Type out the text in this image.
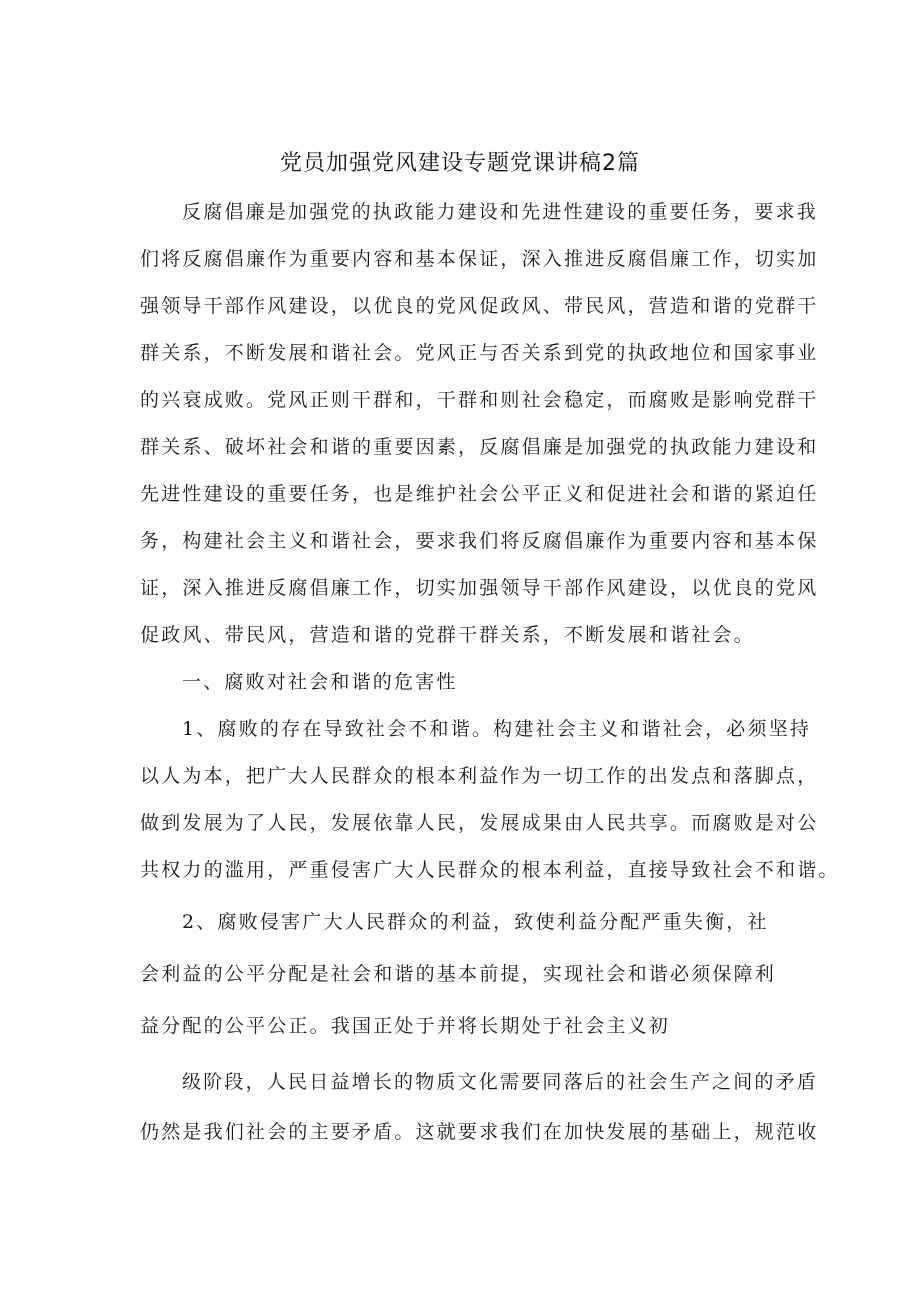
党员加强党风建设专题党课讲稿2篇
反腐倡廉是加强党的执政能力建设和先进性建设的重要任务，要求我
们将反腐倡廉作为重要内容和基本保证，深入推进反腐倡廉工作，切实加
强领导干部作风建设，以优良的党风促政风、带民风，营造和谐的党群干
群关系，不断发展和谐社会。党风正与否关系到党的执政地位和国家事业
的兴衰成败。党风正则干群和，干群和则社会稳定，而腐败是影响党群干
群关系、破坏社会和谐的重要因素，反腐倡廉是加强党的执政能力建设和
先进性建设的重要任务，也是维护社会公平正义和促进社会和谐的紧迫任
务，构建社会主义和谐社会，要求我们将反腐倡廉作为重要内容和基本保
证，深入推进反腐倡廉工作，切实加强领导干部作风建设，以优良的党风
促政风、带民风，营造和谐的党群干群关系，不断发展和谐社会。
一、腐败对社会和谐的危害性
1、腐败的存在导致社会不和谐。构建社会主义和谐社会，必须坚持
以人为本，把广大人民群众的根本利益作为一切工作的出发点和落脚点，
做到发展为了人民，发展依靠人民，发展成果由人民共享。而腐败是对公
共权力的滥用，严重侵害广大人民群众的根本利益，直接导致社会不和谐。
2、腐败侵害广大人民群众的利益，致使利益分配严重失衡，社
会利益的公平分配是社会和谐的基本前提，实现社会和谐必须保障利
益分配的公平公正。我国正处于并将长期处于社会主义初
级阶段，人民日益增长的物质文化需要同落后的社会生产之间的矛盾
仍然是我们社会的主要矛盾。这就要求我们在加快发展的基础上，规范收
